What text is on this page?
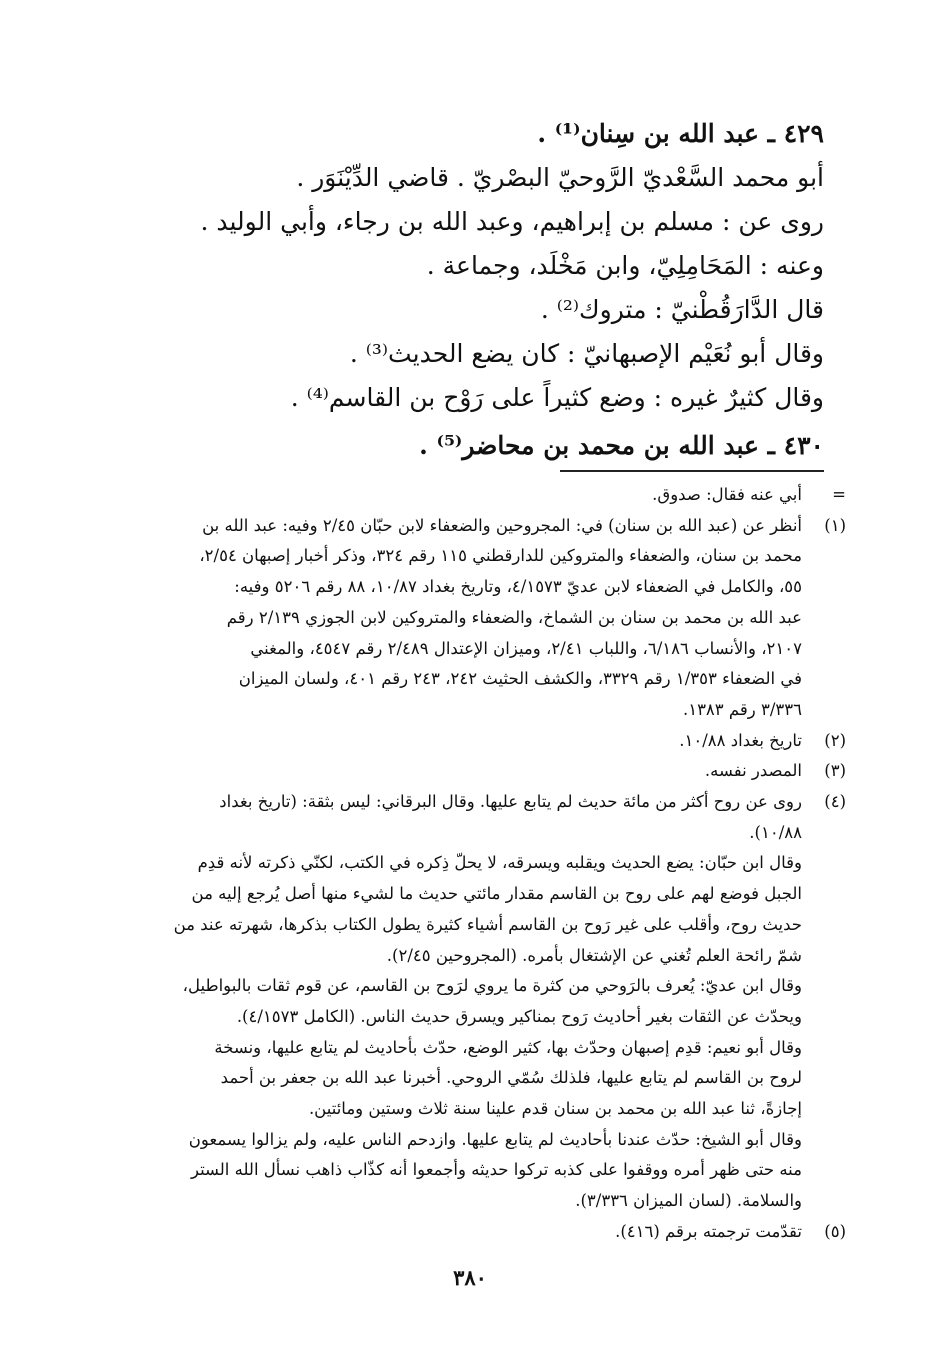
٤٢٩ ـ عبد الله بن سِنان⁽¹⁾ .
أبو محمد السَّعْديّ الرَّوحيّ البصْريّ . قاضي الدِّيْنَوَر .
روى عن : مسلم بن إبراهيم، وعبد الله بن رجاء، وأبي الوليد .
وعنه : المَحَامِلِيّ، وابن مَخْلَد، وجماعة .
قال الدَّارَقُطْنيّ : متروك⁽²⁾ .
وقال أبو نُعَيْم الإصبهانيّ : كان يضع الحديث⁽³⁾ .
وقال كثيرٌ غيره : وضع كثيراً على رَوْح بن القاسم⁽⁴⁾ .
٤٣٠ ـ عبد الله بن محمد بن محاضر⁽⁵⁾ .
=
أبي عنه فقال: صدوق.
(١)
أنظر عن (عبد الله بن سنان) في: المجروحين والضعفاء لابن حبّان ٢/٤٥ وفيه: عبد الله بن
محمد بن سنان، والضعفاء والمتروكين للدارقطني ١١٥ رقم ٣٢٤، وذكر أخبار إصبهان ٢/٥٤،
٥٥، والكامل في الضعفاء لابن عديّ ٤/١٥٧٣، وتاريخ بغداد ١٠/٨٧، ٨٨ رقم ٥٢٠٦ وفيه:
عبد الله بن محمد بن سنان بن الشماخ، والضعفاء والمتروكين لابن الجوزي ٢/١٣٩ رقم
٢١٠٧، والأنساب ٦/١٨٦، واللباب ٢/٤١، وميزان الإعتدال ٢/٤٨٩ رقم ٤٥٤٧، والمغني
في الضعفاء ١/٣٥٣ رقم ٣٣٢٩، والكشف الحثيث ٢٤٢، ٢٤٣ رقم ٤٠١، ولسان الميزان
٣/٣٣٦ رقم ١٣٨٣.
(٢)
تاريخ بغداد ١٠/٨٨.
(٣)
المصدر نفسه.
(٤)
روى عن روح أكثر من مائة حديث لم يتابع عليها. وقال البرقاني: ليس بثقة: (تاريخ بغداد
١٠/٨٨).
وقال ابن حبّان: يضع الحديث ويقلبه ويسرقه، لا يحلّ ذِكره في الكتب، لكنّي ذكرته لأنه قدِم
الجبل فوضع لهم على روح بن القاسم مقدار مائتي حديث ما لشيء منها أصل يُرجع إليه من
حديث روح، وأقلب على غير رَوح بن القاسم أشياء كثيرة يطول الكتاب بذكرها، شهرته عند من
شمّ رائحة العلم تُغني عن الإشتغال بأمره. (المجروحين ٢/٤٥).
وقال ابن عديّ: يُعرف بالرَوحي من كثرة ما يروي لرَوح بن القاسم، عن قوم ثقات بالبواطيل،
ويحدّث عن الثقات بغير أحاديث رَوح بمناكير ويسرق حديث الناس. (الكامل ٤/١٥٧٣).
وقال أبو نعيم: قدِم إصبهان وحدّث بها، كثير الوضع، حدّث بأحاديث لم يتابع عليها، ونسخة
لروح بن القاسم لم يتابع عليها، فلذلك سُمّي الروحي. أخبرنا عبد الله بن جعفر بن أحمد
إجازةً، ثنا عبد الله بن محمد بن سنان قدم علينا سنة ثلاث وستين ومائتين.
وقال أبو الشيخ: حدّث عندنا بأحاديث لم يتابع عليها. وازدحم الناس عليه، ولم يزالوا يسمعون
منه حتى ظهر أمره ووقفوا على كذبه تركوا حديثه وأجمعوا أنه كذّاب ذاهب نسأل الله الستر
والسلامة. (لسان الميزان ٣/٣٣٦).
(٥)
تقدّمت ترجمته برقم (٤١٦).
٣٨٠
